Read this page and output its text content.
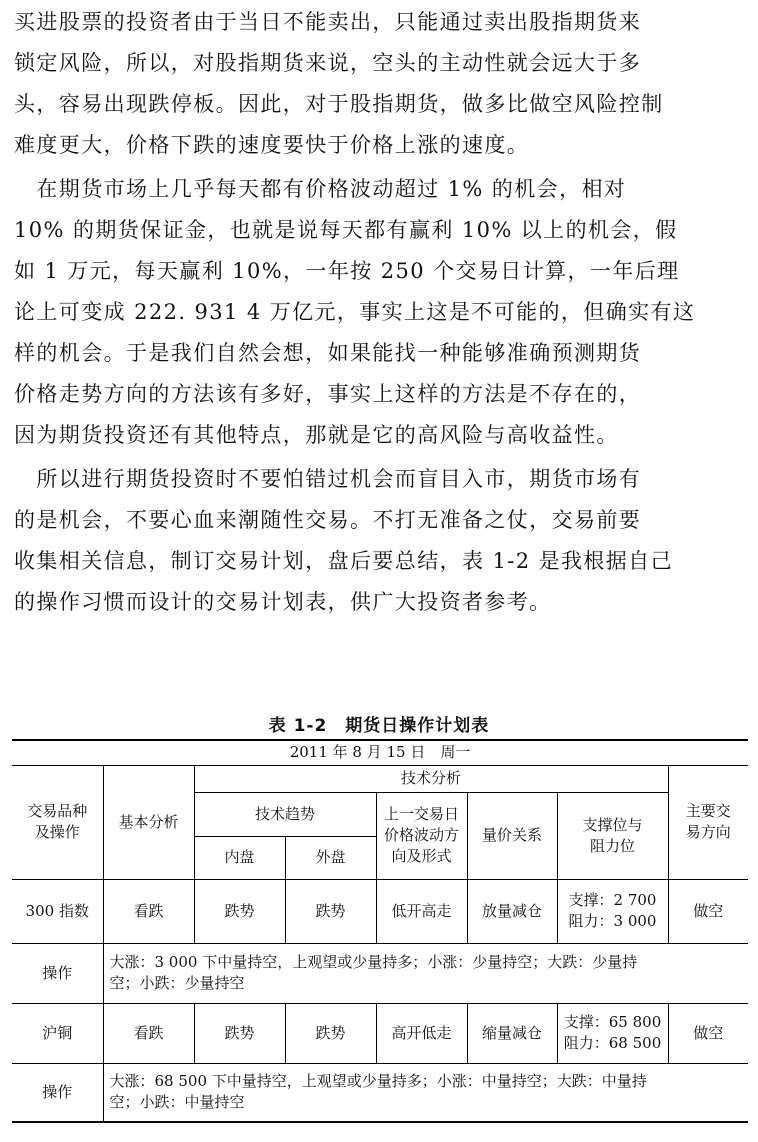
买进股票的投资者由于当日不能卖出，只能通过卖出股指期货来

锁定风险，所以，对股指期货来说，空头的主动性就会远大于多

头，容易出现跌停板。因此，对于股指期货，做多比做空风险控制

难度更大，价格下跌的速度要快于价格上涨的速度。

　在期货市场上几乎每天都有价格波动超过 1% 的机会，相对

10% 的期货保证金，也就是说每天都有赢利 10% 以上的机会，假

如 1 万元，每天赢利 10%，一年按 250 个交易日计算，一年后理

论上可变成 222. 931 4 万亿元，事实上这是不可能的，但确实有这

样的机会。于是我们自然会想，如果能找一种能够准确预测期货

价格走势方向的方法该有多好，事实上这样的方法是不存在的，

因为期货投资还有其他特点，那就是它的高风险与高收益性。

　所以进行期货投资时不要怕错过机会而盲目入市，期货市场有

的是机会，不要心血来潮随性交易。不打无准备之仗，交易前要

收集相关信息，制订交易计划，盘后要总结，表 1-2 是我根据自己

的操作习惯而设计的交易计划表，供广大投资者参考。

表 1-2　期货日操作计划表
2011 年 8 月 15 日　周一							

交易品种
及操作	基本分析	技术分析					主要交
易方向

		技术趋势		上一交易日
价格波动方
向及形式	量价关系	支撑位与
阻力位	

		内盘	外盘				
300 指数	看跌	跌势	跌势	低开高走	放量减仓	支撑：2 700
阻力：3 000	做空
操作	大涨：3 000 下中量持空，上观望或少量持多；小涨：少量持空；大跌：少量持
空；小跌：少量持空						

沪铜	看跌	跌势	跌势	高开低走	缩量减仓	支撑：65 800
阻力：68 500	做空
操作	大涨：68 500 下中量持空，上观望或少量持多；小涨：中量持空；大跌：中量持
空；小跌：中量持空						
